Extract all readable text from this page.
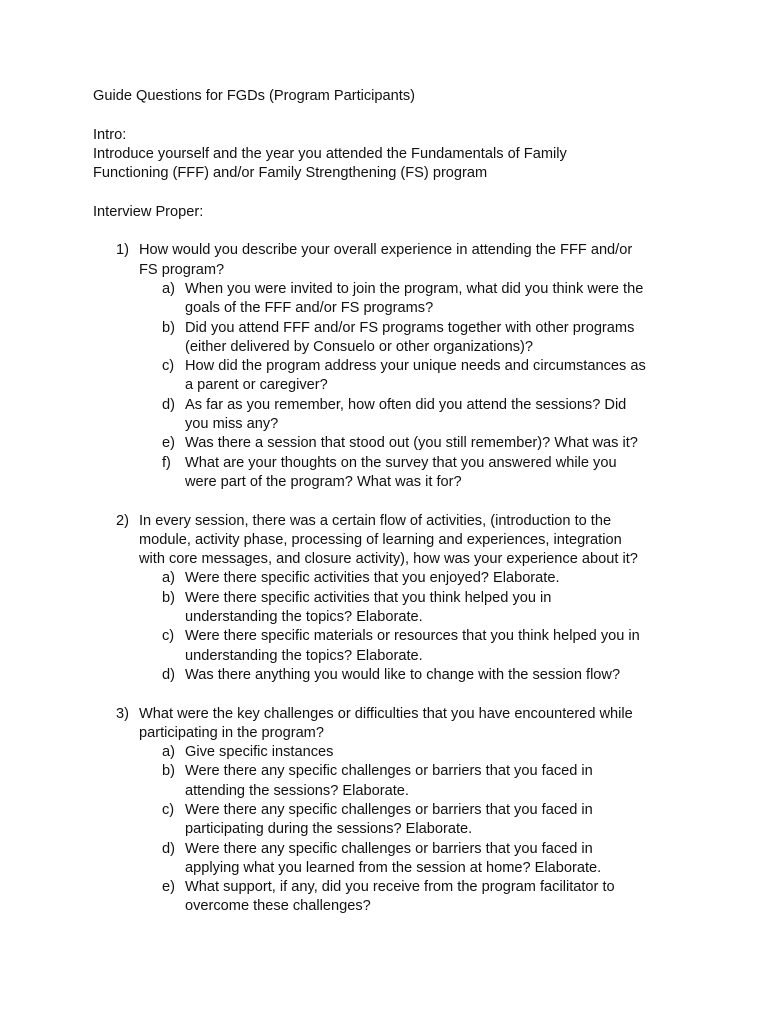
Guide Questions for FGDs (Program Participants)
Intro:
Introduce yourself and the year you attended the Fundamentals of Family
Functioning (FFF) and/or Family Strengthening (FS) program
Interview Proper:
1) How would you describe your overall experience in attending the FFF and/or
FS program?
a) When you were invited to join the program, what did you think were the
goals of the FFF and/or FS programs?
b) Did you attend FFF and/or FS programs together with other programs
(either delivered by Consuelo or other organizations)?
c) How did the program address your unique needs and circumstances as
a parent or caregiver?
d) As far as you remember, how often did you attend the sessions? Did
you miss any?
e) Was there a session that stood out (you still remember)? What was it?
f) What are your thoughts on the survey that you answered while you
were part of the program? What was it for?
2) In every session, there was a certain flow of activities, (introduction to the
module, activity phase, processing of learning and experiences, integration
with core messages, and closure activity), how was your experience about it?
a) Were there specific activities that you enjoyed? Elaborate.
b) Were there specific activities that you think helped you in
understanding the topics? Elaborate.
c) Were there specific materials or resources that you think helped you in
understanding the topics? Elaborate.
d) Was there anything you would like to change with the session flow?
3) What were the key challenges or difficulties that you have encountered while
participating in the program?
a) Give specific instances
b) Were there any specific challenges or barriers that you faced in
attending the sessions? Elaborate.
c) Were there any specific challenges or barriers that you faced in
participating during the sessions? Elaborate.
d) Were there any specific challenges or barriers that you faced in
applying what you learned from the session at home? Elaborate.
e) What support, if any, did you receive from the program facilitator to
overcome these challenges?
